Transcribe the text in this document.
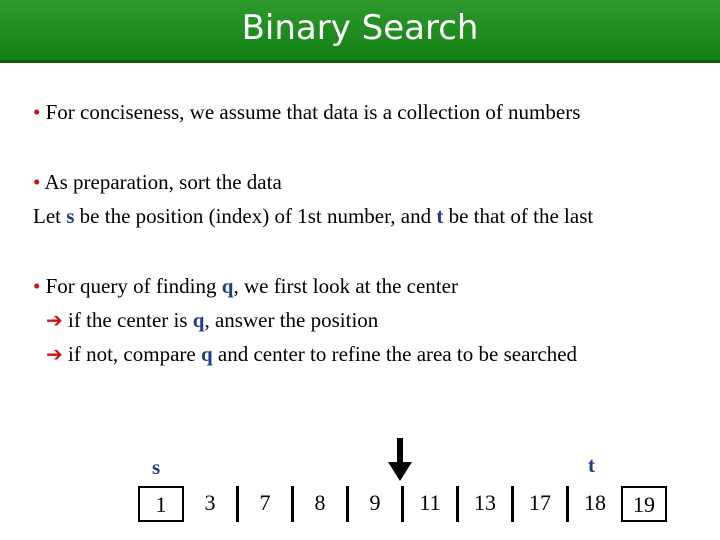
Binary Search
• For conciseness, we assume that data is a collection of numbers
• As preparation, sort the data
Let s be the position (index) of 1st number, and t be that of the last
• For query of finding q, we first look at the center
➔ if the center is q, answer the position
➔ if not, compare q and center to refine the area to be searched
s	t
1	3	7	8	9	11	13	17	18	19
